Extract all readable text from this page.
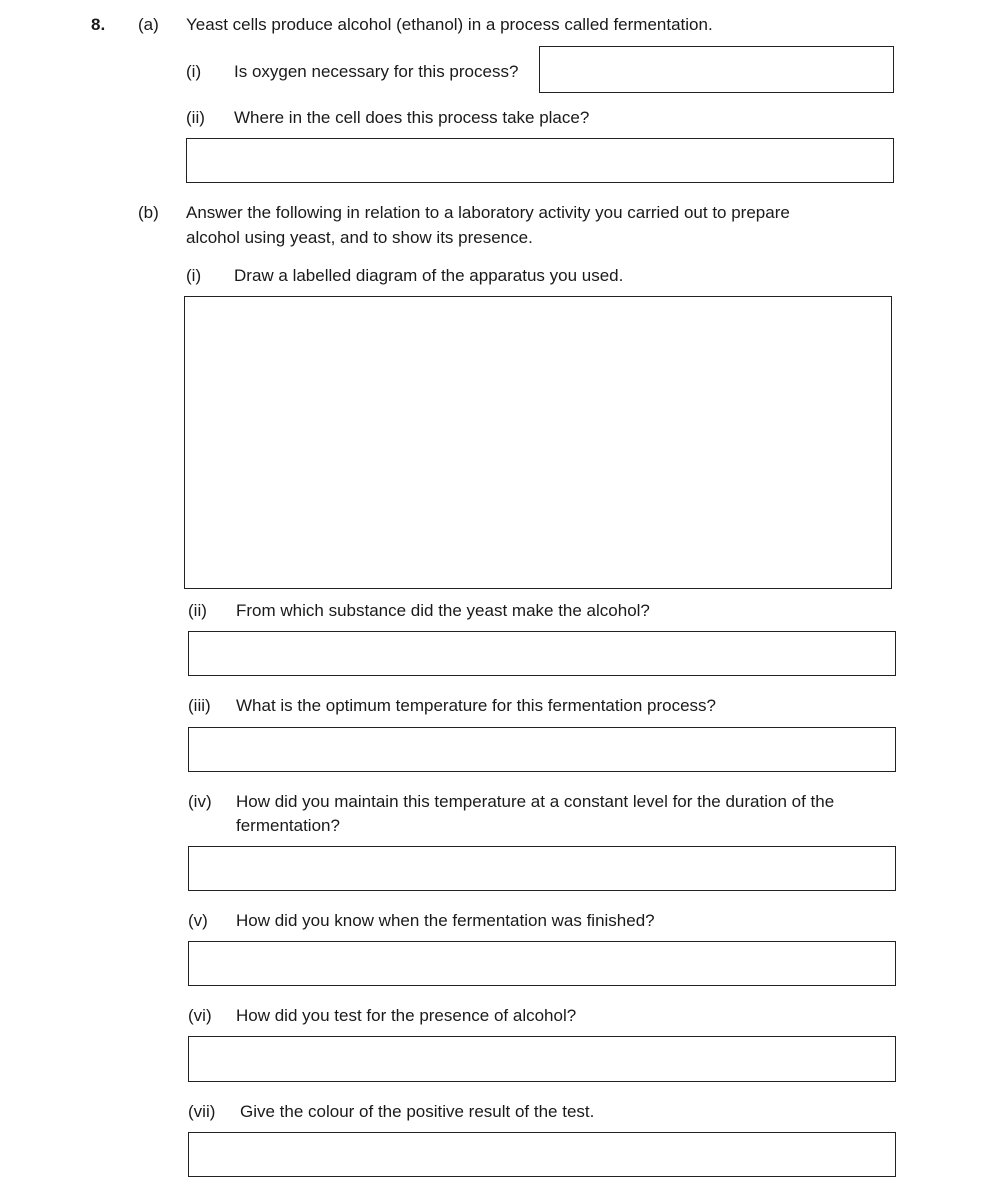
8. (a) Yeast cells produce alcohol (ethanol) in a process called fermentation.
(i) Is oxygen necessary for this process?
(ii) Where in the cell does this process take place?
(b) Answer the following in relation to a laboratory activity you carried out to prepare
alcohol using yeast, and to show its presence.
(i) Draw a labelled diagram of the apparatus you used.
(ii) From which substance did the yeast make the alcohol?
(iii) What is the optimum temperature for this fermentation process?
(iv) How did you maintain this temperature at a constant level for the duration of the
fermentation?
(v) How did you know when the fermentation was finished?
(vi) How did you test for the presence of alcohol?
(vii) Give the colour of the positive result of the test.
